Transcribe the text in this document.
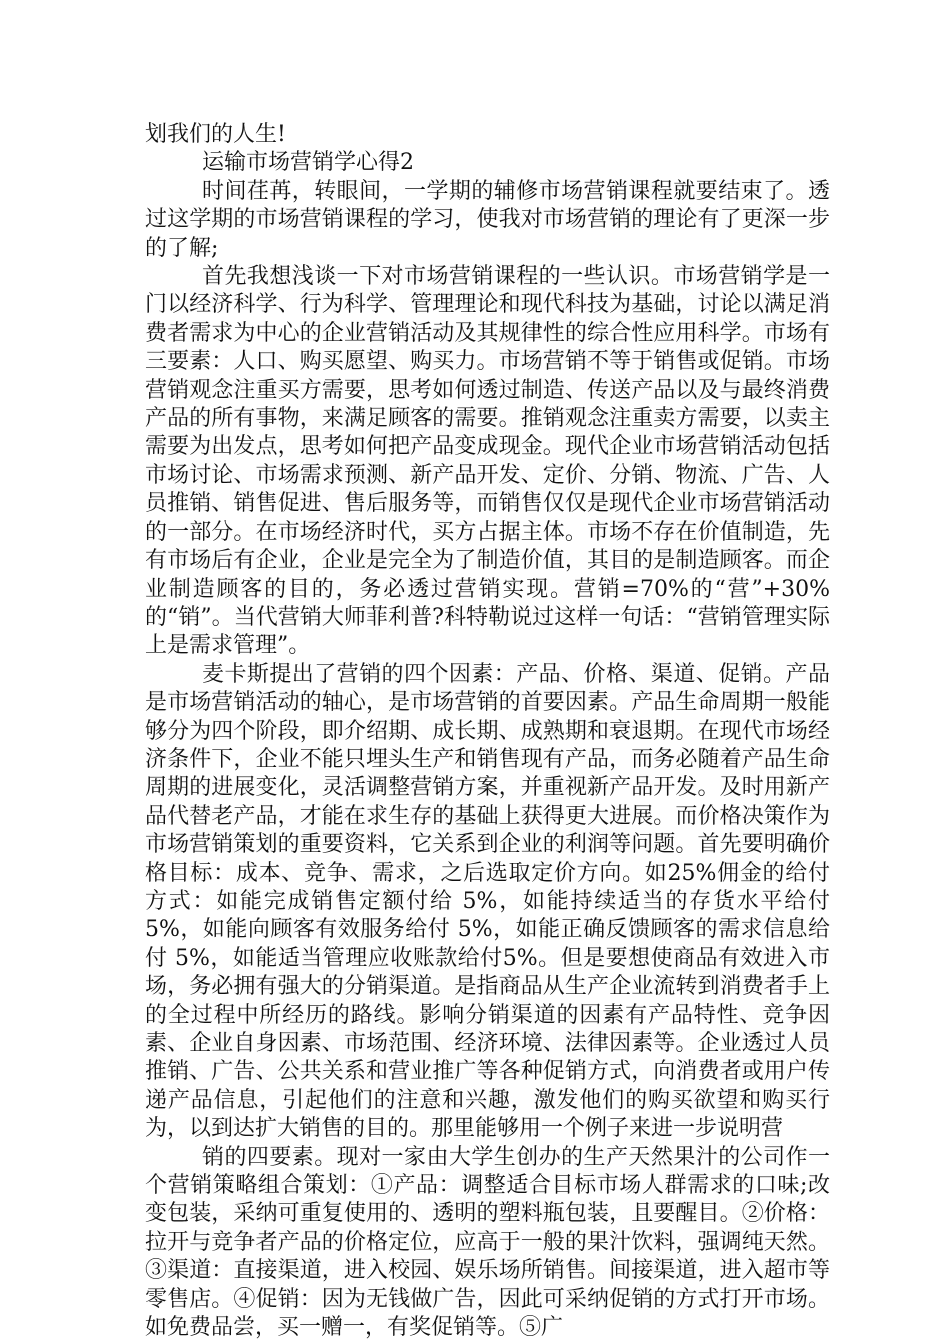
划我们的人生!

运输市场营销学心得2

时间荏苒，转眼间，一学期的辅修市场营销课程就要结束了。透过这学期的市场营销课程的学习，使我对市场营销的理论有了更深一步的了解;

首先我想浅谈一下对市场营销课程的一些认识。市场营销学是一门以经济科学、行为科学、管理理论和现代科技为基础，讨论以满足消费者需求为中心的企业营销活动及其规律性的综合性应用科学。市场有三要素：人口、购买愿望、购买力。市场营销不等于销售或促销。市场营销观念注重买方需要，思考如何透过制造、传送产品以及与最终消费产品的所有事物，来满足顾客的需要。推销观念注重卖方需要，以卖主需要为出发点，思考如何把产品变成现金。现代企业市场营销活动包括市场讨论、市场需求预测、新产品开发、定价、分销、物流、广告、人员推销、销售促进、售后服务等，而销售仅仅是现代企业市场营销活动的一部分。在市场经济时代，买方占据主体。市场不存在价值制造，先有市场后有企业，企业是完全为了制造价值，其目的是制造顾客。而企业制造顾客的目的，务必透过营销实现。营销=70%的“营”+30%的“销”。当代营销大师菲利普?科特勒说过这样一句话：“营销管理实际上是需求管理”。

麦卡斯提出了营销的四个因素：产品、价格、渠道、促销。产品是市场营销活动的轴心，是市场营销的首要因素。产品生命周期一般能够分为四个阶段，即介绍期、成长期、成熟期和衰退期。在现代市场经济条件下，企业不能只埋头生产和销售现有产品，而务必随着产品生命周期的进展变化，灵活调整营销方案，并重视新产品开发。及时用新产品代替老产品，才能在求生存的基础上获得更大进展。而价格决策作为市场营销策划的重要资料，它关系到企业的利润等问题。首先要明确价格目标：成本、竞争、需求，之后选取定价方向。如25%佣金的给付方式：如能完成销售定额付给 5%，如能持续适当的存货水平给付 5%，如能向顾客有效服务给付 5%，如能正确反馈顾客的需求信息给付 5%，如能适当管理应收账款给付5%。但是要想使商品有效进入市场，务必拥有强大的分销渠道。是指商品从生产企业流转到消费者手上的全过程中所经历的路线。影响分销渠道的因素有产品特性、竞争因素、企业自身因素、市场范围、经济环境、法律因素等。企业透过人员推销、广告、公共关系和营业推广等各种促销方式，向消费者或用户传递产品信息，引起他们的注意和兴趣，激发他们的购买欲望和购买行为，以到达扩大销售的目的。那里能够用一个例子来进一步说明营

销的四要素。现对一家由大学生创办的生产天然果汁的公司作一个营销策略组合策划：①产品：调整适合目标市场人群需求的口味;改变包装，采纳可重复使用的、透明的塑料瓶包装，且要醒目。②价格：拉开与竞争者产品的价格定位，应高于一般的果汁饮料，强调纯天然。③渠道：直接渠道，进入校园、娱乐场所销售。间接渠道，进入超市等零售店。④促销：因为无钱做广告，因此可采纳促销的方式打开市场。如免费品尝，买一赠一，有奖促销等。⑤广
